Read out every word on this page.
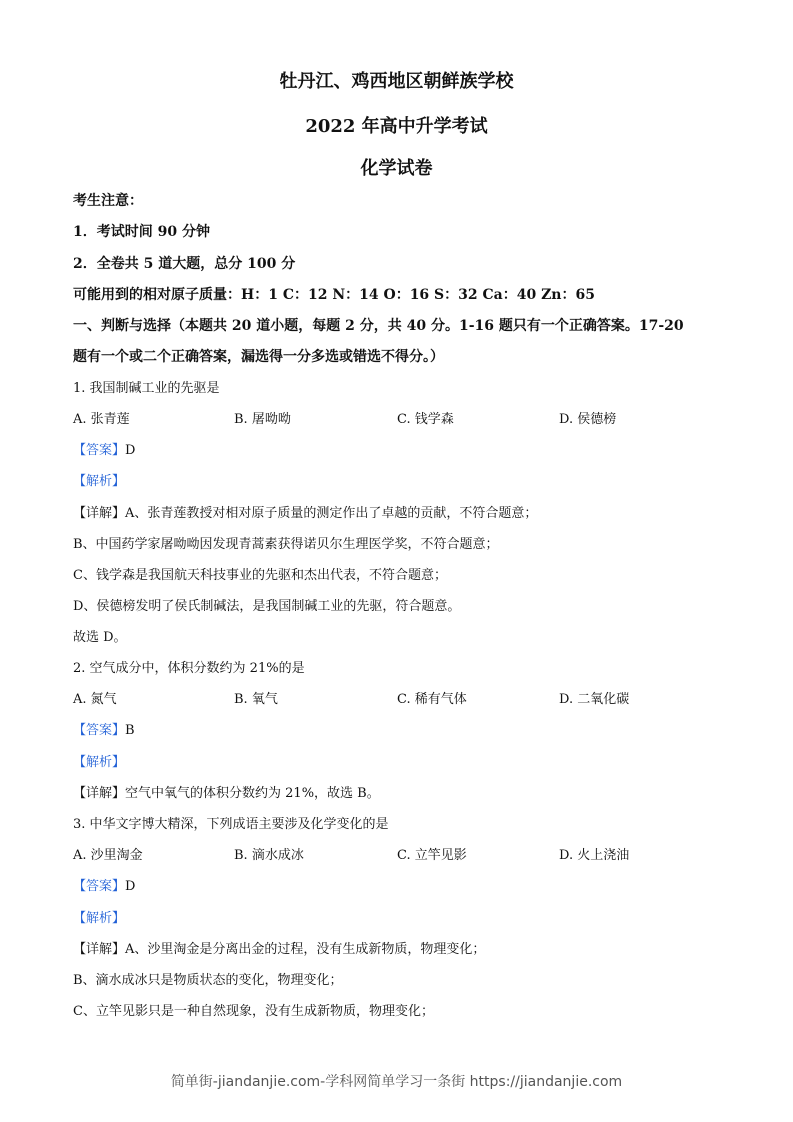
牡丹江、鸡西地区朝鲜族学校
2022 年高中升学考试
化学试卷
考生注意：
1．考试时间 90 分钟
2．全卷共 5 道大题，总分 100 分
可能用到的相对原子质量：H：1 C：12 N：14 O：16 S：32 Ca：40 Zn：65
一、判断与选择（本题共 20 道小题，每题 2 分，共 40 分。1-16 题只有一个正确答案。17-20
题有一个或二个正确答案，漏选得一分多选或错选不得分。）
1. 我国制碱工业的先驱是
A. 张青莲	B. 屠呦呦	C. 钱学森	D. 侯德榜
【答案】D
【解析】
【详解】A、张青莲教授对相对原子质量的测定作出了卓越的贡献，不符合题意；
B、中国药学家屠呦呦因发现青蒿素获得诺贝尔生理医学奖，不符合题意；
C、钱学森是我国航天科技事业的先驱和杰出代表，不符合题意；
D、侯德榜发明了侯氏制碱法，是我国制碱工业的先驱，符合题意。
故选 D。
2. 空气成分中，体积分数约为 21%的是
A. 氮气	B. 氧气	C. 稀有气体	D. 二氧化碳
【答案】B
【解析】
【详解】空气中氧气的体积分数约为 21%，故选 B。
3. 中华文字博大精深，下列成语主要涉及化学变化的是
A. 沙里淘金	B. 滴水成冰	C. 立竿见影	D. 火上浇油
【答案】D
【解析】
【详解】A、沙里淘金是分离出金的过程，没有生成新物质，物理变化；
B、滴水成冰只是物质状态的变化，物理变化；
C、立竿见影只是一种自然现象，没有生成新物质，物理变化；
简单街-jiandanjie.com-学科网简单学习一条街 https://jiandanjie.com
